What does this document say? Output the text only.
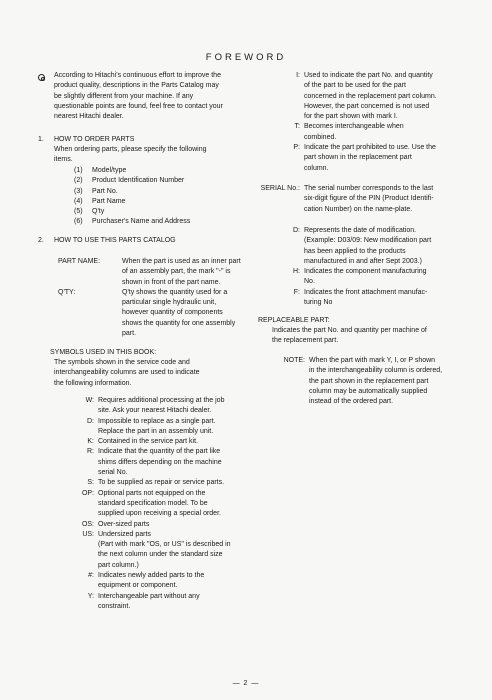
FOREWORD
According to Hitachi's continuous effort to improve the
product quality, descriptions in the Parts Catalog may
be slightly different from your machine. If any
questionable points are found, feel free to contact your
nearest Hitachi dealer.
1. HOW TO ORDER PARTS
When ordering parts, please specify the following
items.
(1)	Model/type
(2)	Product Identification Number
(3)	Part No.
(4)	Part Name
(5)	Q'ty
(6)	Purchaser's Name and Address
2. HOW TO USE THIS PARTS CATALOG
PART NAME:	When the part is used as an inner part
of an assembly part, the mark "-" is
shown in front of the part name.
Q'TY:	Q'ty shows the quantity used for a
particular single hydraulic unit,
however quantity of components
shows the quantity for one assembly
part.
SYMBOLS USED IN THIS BOOK:
The symbols shown in the service code and
interchangeability columns are used to indicate
the following information.
W: Requires additional processing at the job
site. Ask your nearest Hitachi dealer.
D: Impossible to replace as a single part.
Replace the part in an assembly unit.
K: Contained in the service part kit.
R: Indicate that the quantity of the part like
shims differs depending on the machine
serial No.
S: To be supplied as repair or service parts.
OP: Optional parts not equipped on the
standard specification model. To be
supplied upon receiving a special order.
OS: Over-sized parts
US: Undersized parts
(Part with mark "OS, or US" is described in
the next column under the standard size
part column.)
#: Indicates newly added parts to the
equipment or component.
Y: Interchangeable part without any
constraint.
I: Used to indicate the part No. and quantity
of the part to be used for the part
concerned in the replacement part column.
However, the part concerned is not used
for the part shown with mark I.
T: Becomes interchangeable when
combined.
P: Indicate the part prohibited to use. Use the
part shown in the replacement part
column.
SERIAL No.: The serial number corresponds to the last
six-digit figure of the PIN (Product Identifi-
cation Number) on the name-plate.
D: Represents the date of modification.
(Example: D03/09: New modification part
has been applied to the products
manufactured in and after Sept 2003.)
H: Indicates the component manufacturing
No.
F: Indicates the front attachment manufac-
turing No
REPLACEABLE PART:
Indicates the part No. and quantity per machine of
the replacement part.
NOTE: When the part with mark Y, I, or P shown
in the interchangeability column is ordered,
the part shown in the replacement part
column may be automatically supplied
instead of the ordered part.
— 2 —
